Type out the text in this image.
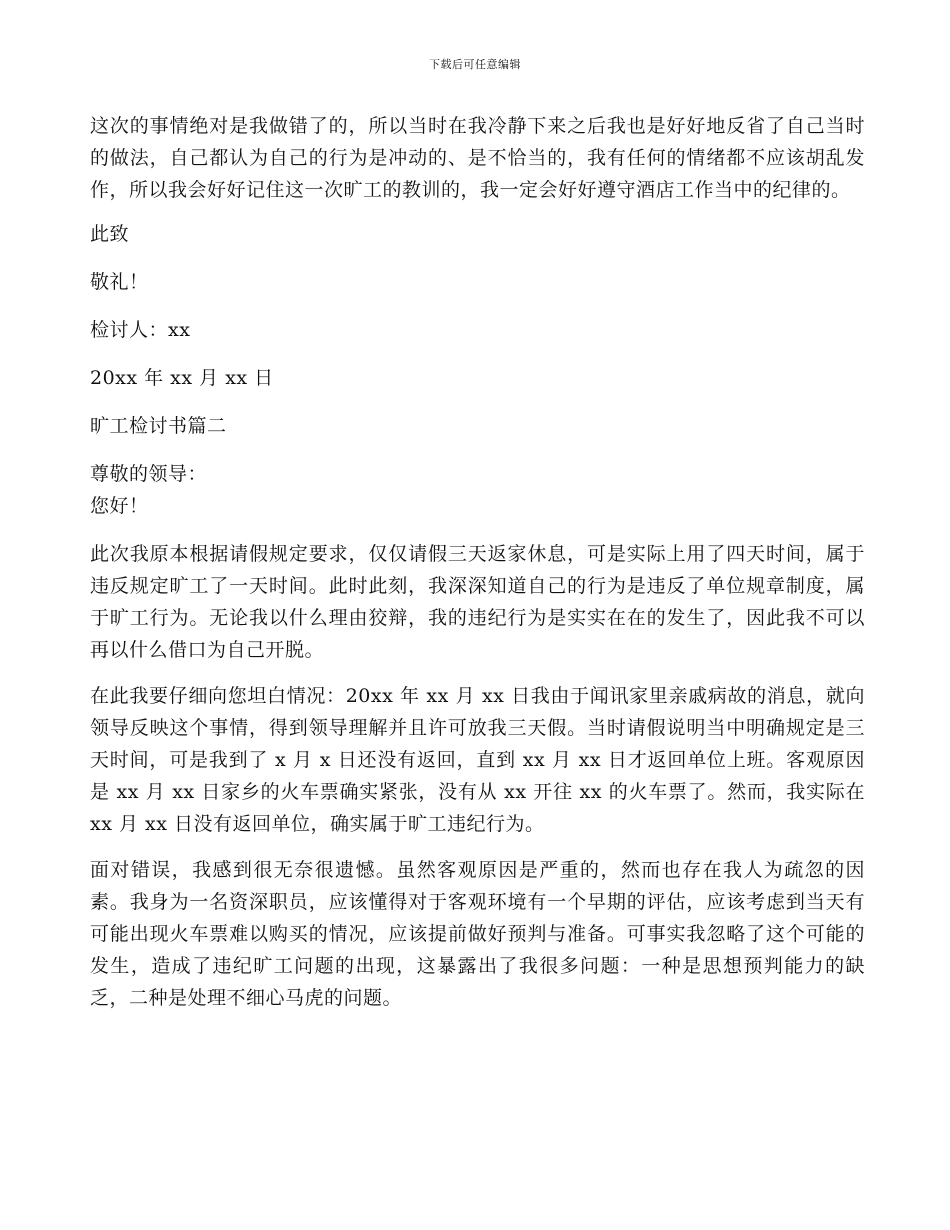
下载后可任意编辑

这次的事情绝对是我做错了的，所以当时在我冷静下来之后我也是好好地反省了自己当时的做法，自己都认为自己的行为是冲动的、是不恰当的，我有任何的情绪都不应该胡乱发作，所以我会好好记住这一次旷工的教训的，我一定会好好遵守酒店工作当中的纪律的。

此致

敬礼！

检讨人：xx

20xx 年 xx 月 xx 日

旷工检讨书篇二

尊敬的领导：

您好！

此次我原本根据请假规定要求，仅仅请假三天返家休息，可是实际上用了四天时间，属于违反规定旷工了一天时间。此时此刻，我深深知道自己的行为是违反了单位规章制度，属于旷工行为。无论我以什么理由狡辩，我的违纪行为是实实在在的发生了，因此我不可以再以什么借口为自己开脱。

在此我要仔细向您坦白情况：20xx 年 xx 月 xx 日我由于闻讯家里亲戚病故的消息，就向领导反映这个事情，得到领导理解并且许可放我三天假。当时请假说明当中明确规定是三天时间，可是我到了 x 月 x 日还没有返回，直到 xx 月 xx 日才返回单位上班。客观原因是 xx 月 xx 日家乡的火车票确实紧张，没有从 xx 开往 xx 的火车票了。然而，我实际在 xx 月 xx 日没有返回单位，确实属于旷工违纪行为。

面对错误，我感到很无奈很遗憾。虽然客观原因是严重的，然而也存在我人为疏忽的因素。我身为一名资深职员，应该懂得对于客观环境有一个早期的评估，应该考虑到当天有可能出现火车票难以购买的情况，应该提前做好预判与准备。可事实我忽略了这个可能的发生，造成了违纪旷工问题的出现，这暴露出了我很多问题：一种是思想预判能力的缺乏，二种是处理不细心马虎的问题。
